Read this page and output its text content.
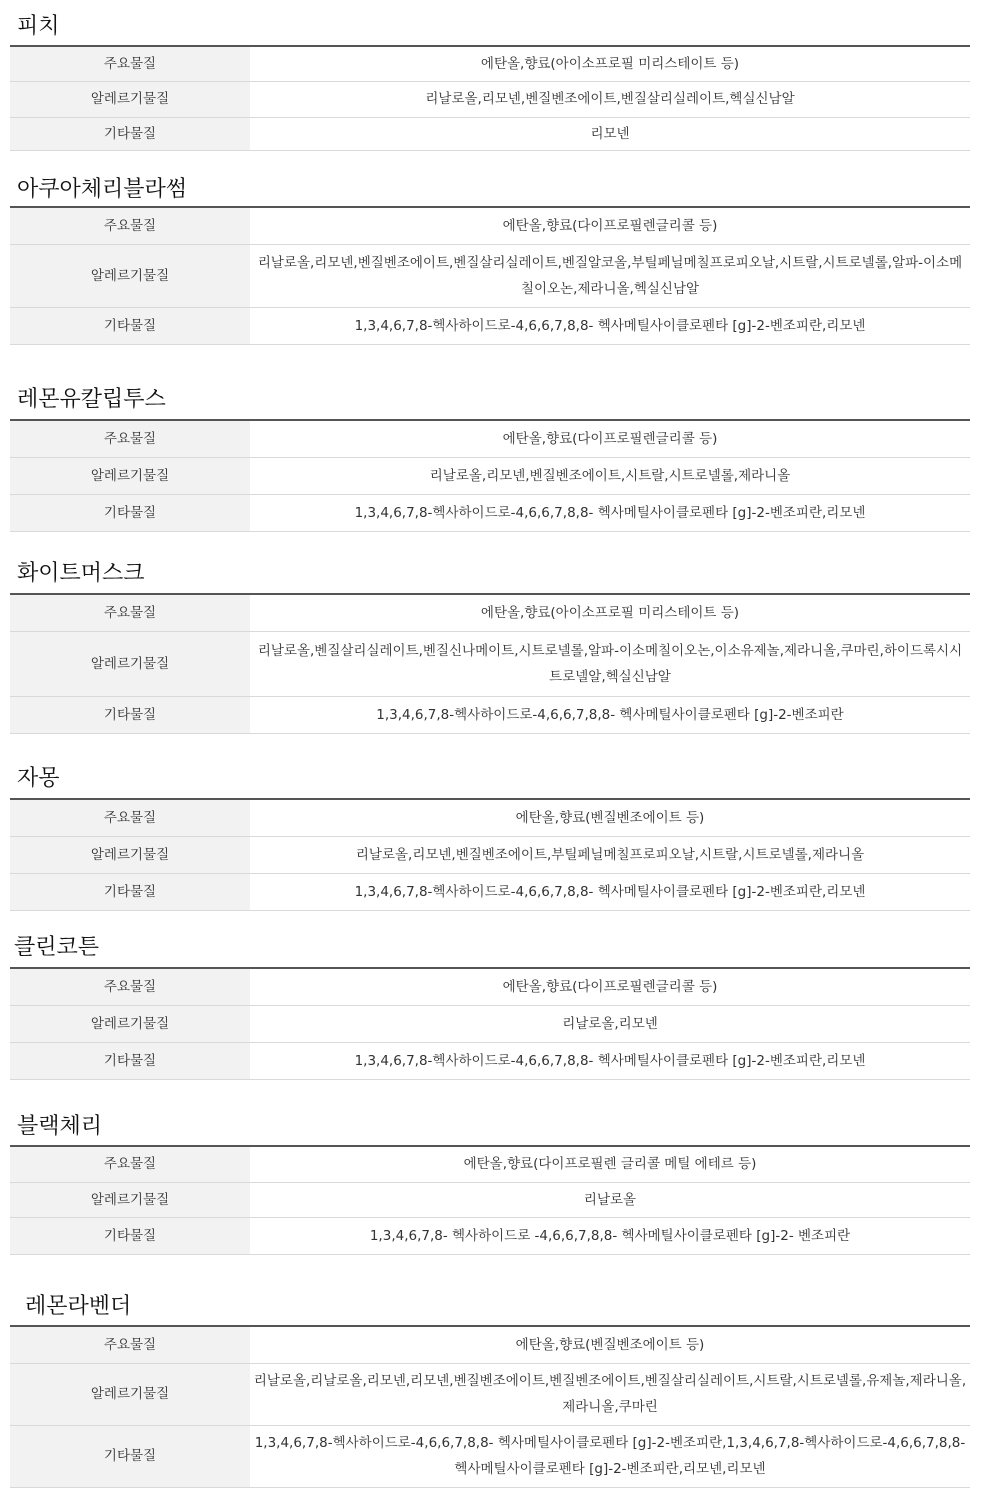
피치
주요물질	에탄올,향료(아이소프로필 미리스테이트 등)
알레르기물질	리날로올,리모넨,벤질벤조에이트,벤질살리실레이트,헥실신남알
기타물질	리모넨
아쿠아체리블라썸
주요물질	에탄올,향료(다이프로필렌글리콜 등)
알레르기물질	리날로올,리모넨,벤질벤조에이트,벤질살리실레이트,벤질알코올,부틸페닐메칠프로피오날,시트랄,시트로넬롤,알파-이소메칠이오논,제라니올,헥실신남알
기타물질	1,3,4,6,7,8-헥사하이드로-4,6,6,7,8,8- 헥사메틸사이클로펜타 [g]-2-벤조피란,리모넨
레몬유칼립투스
주요물질	에탄올,향료(다이프로필렌글리콜 등)
알레르기물질	리날로올,리모넨,벤질벤조에이트,시트랄,시트로넬롤,제라니올
기타물질	1,3,4,6,7,8-헥사하이드로-4,6,6,7,8,8- 헥사메틸사이클로펜타 [g]-2-벤조피란,리모넨
화이트머스크
주요물질	에탄올,향료(아이소프로필 미리스테이트 등)
알레르기물질	리날로올,벤질살리실레이트,벤질신나메이트,시트로넬롤,알파-이소메칠이오논,이소유제놀,제라니올,쿠마린,하이드록시시트로넬알,헥실신남알
기타물질	1,3,4,6,7,8-헥사하이드로-4,6,6,7,8,8- 헥사메틸사이클로펜타 [g]-2-벤조피란
자몽
주요물질	에탄올,향료(벤질벤조에이트 등)
알레르기물질	리날로올,리모넨,벤질벤조에이트,부틸페닐메칠프로피오날,시트랄,시트로넬롤,제라니올
기타물질	1,3,4,6,7,8-헥사하이드로-4,6,6,7,8,8- 헥사메틸사이클로펜타 [g]-2-벤조피란,리모넨
클린코튼
주요물질	에탄올,향료(다이프로필렌글리콜 등)
알레르기물질	리날로올,리모넨
기타물질	1,3,4,6,7,8-헥사하이드로-4,6,6,7,8,8- 헥사메틸사이클로펜타 [g]-2-벤조피란,리모넨
블랙체리
주요물질	에탄올,향료(다이프로필렌 글리콜 메틸 에테르 등)
알레르기물질	리날로올
기타물질	1,3,4,6,7,8- 헥사하이드로 -4,6,6,7,8,8- 헥사메틸사이클로펜타 [g]-2- 벤조피란
레몬라벤더
주요물질	에탄올,향료(벤질벤조에이트 등)
알레르기물질	리날로올,리날로올,리모넨,리모넨,벤질벤조에이트,벤질벤조에이트,벤질살리실레이트,시트랄,시트로넬롤,유제놀,제라니올,제라니올,쿠마린
기타물질	1,3,4,6,7,8-헥사하이드로-4,6,6,7,8,8- 헥사메틸사이클로펜타 [g]-2-벤조피란,1,3,4,6,7,8-헥사하이드로-4,6,6,7,8,8- 헥사메틸사이클로펜타 [g]-2-벤조피란,리모넨,리모넨
